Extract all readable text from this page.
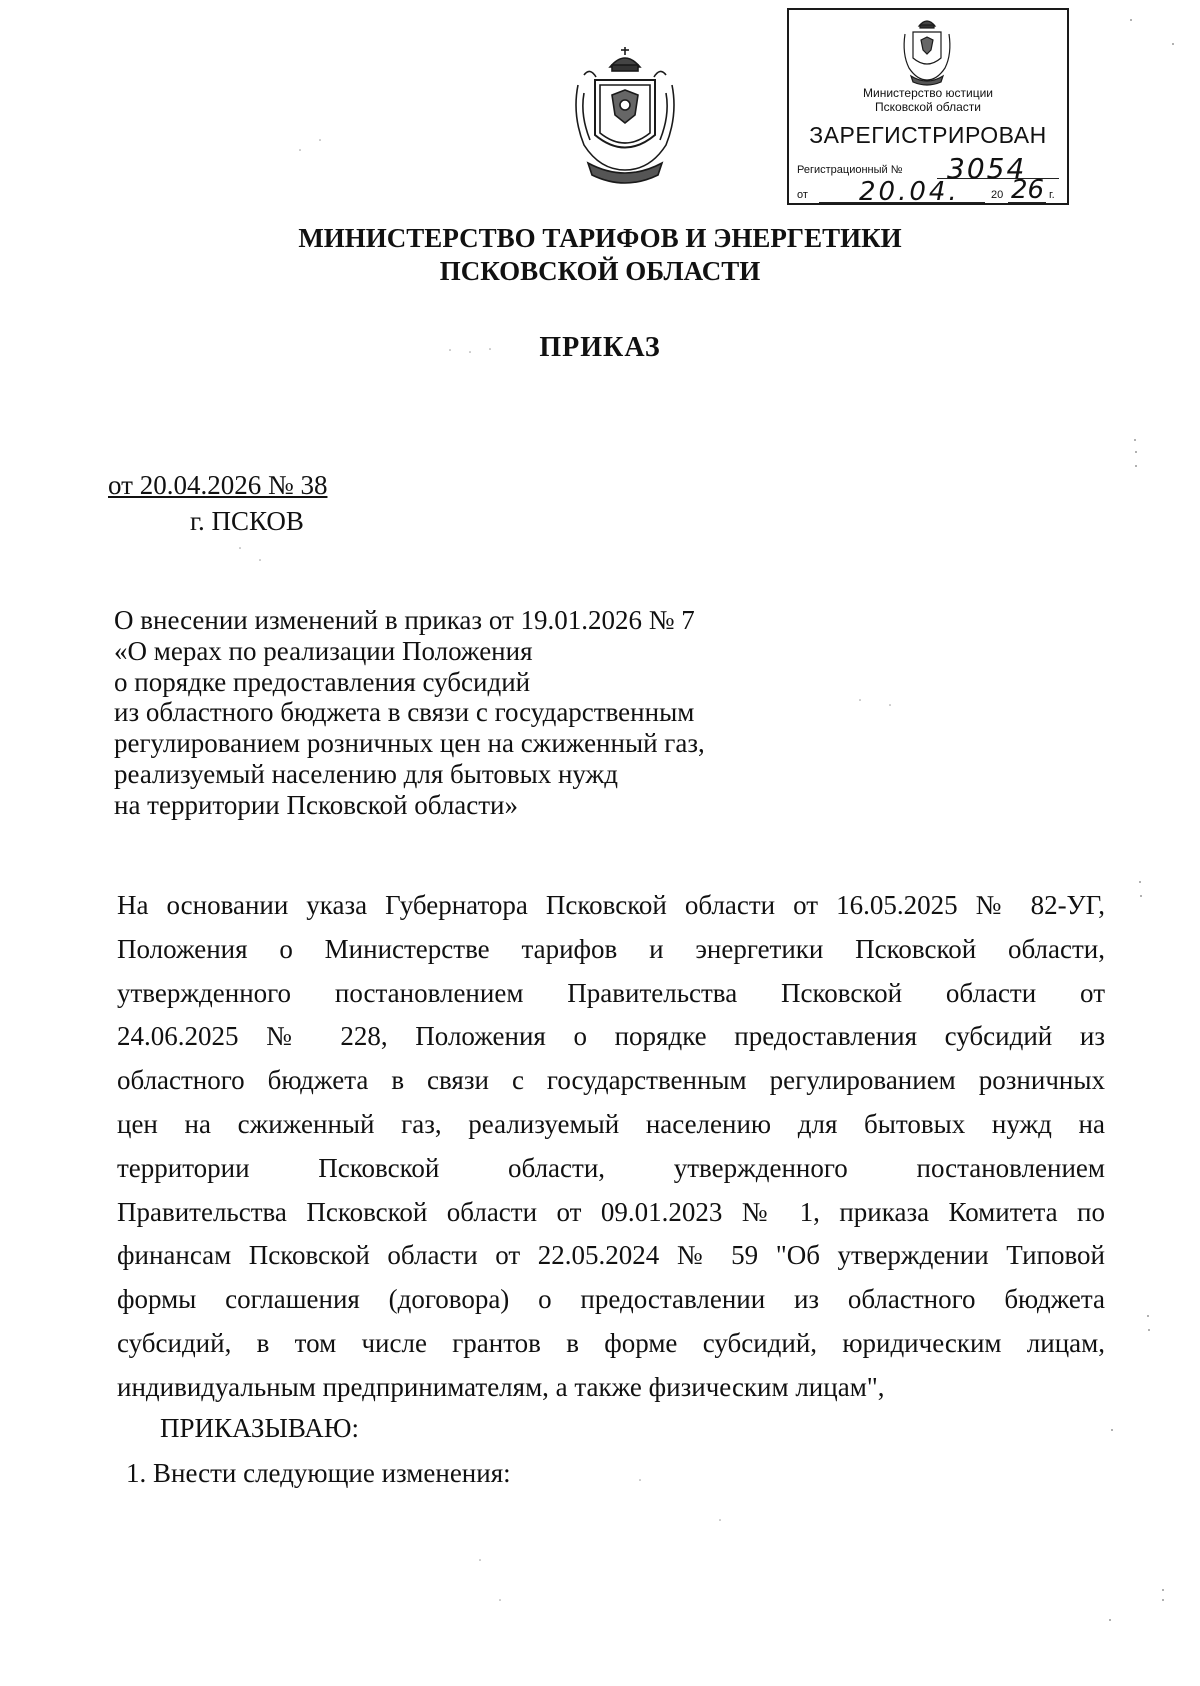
Министерство юстиции
Псковской области
ЗАРЕГИСТРИРОВАН
Регистрационный № 3054
от 20.04.	20 26 г.
МИНИСТЕРСТВО ТАРИФОВ И ЭНЕРГЕТИКИ
ПСКОВСКОЙ ОБЛАСТИ
ПРИКАЗ
от 20.04.2026 № 38
г. ПСКОВ
О внесении изменений в приказ от 19.01.2026 № 7
«О мерах по реализации Положения
о порядке предоставления субсидий
из областного бюджета в связи с государственным
регулированием розничных цен на сжиженный газ,
реализуемый населению для бытовых нужд
на территории Псковской области»
На основании указа Губернатора Псковской области от 16.05.2025 № 82-УГ,
Положения о Министерстве тарифов и энергетики Псковской области,
утвержденного постановлением Правительства Псковской области от
24.06.2025 № 228, Положения о порядке предоставления субсидий из
областного бюджета в связи с государственным регулированием розничных
цен на сжиженный газ, реализуемый населению для бытовых нужд на
территории Псковской области, утвержденного постановлением
Правительства Псковской области от 09.01.2023 № 1, приказа Комитета по
финансам Псковской области от 22.05.2024 № 59 "Об утверждении Типовой
формы соглашения (договора) о предоставлении из областного бюджета
субсидий, в том числе грантов в форме субсидий, юридическим лицам,
индивидуальным предпринимателям, а также физическим лицам",
ПРИКАЗЫВАЮ:
1. Внести следующие изменения:
